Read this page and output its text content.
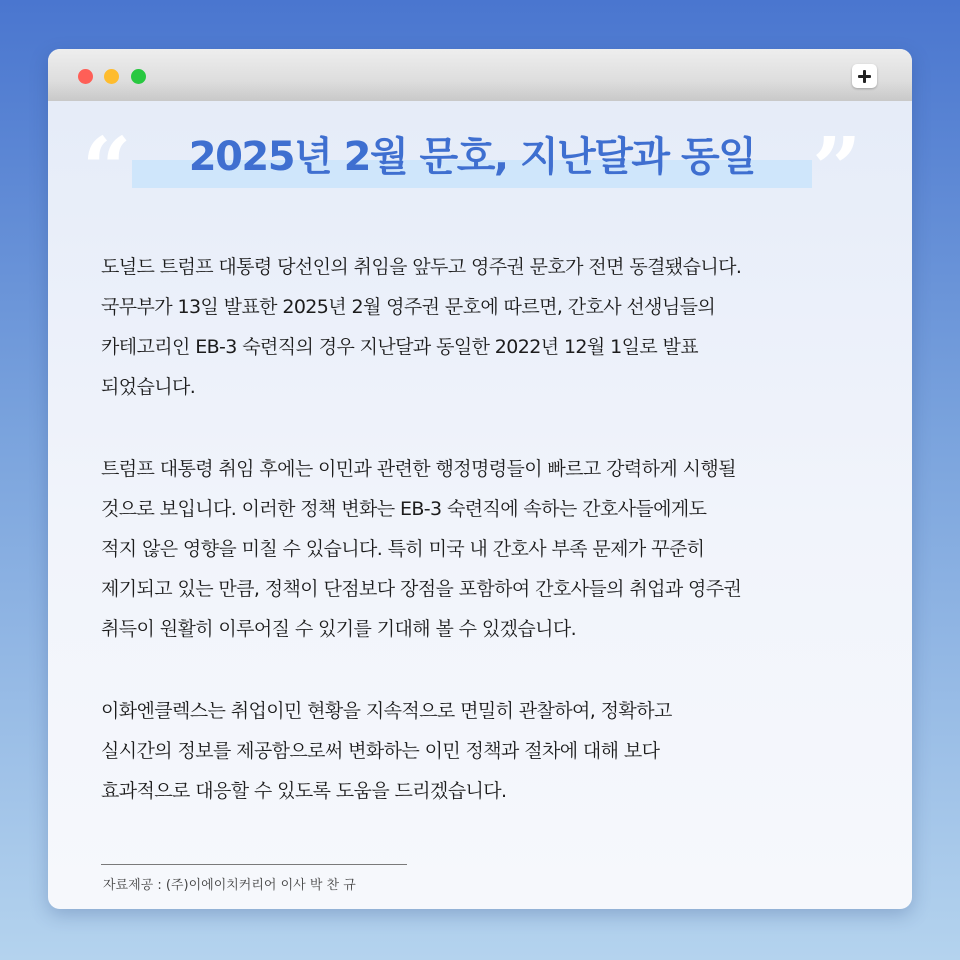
“	”
2025년 2월 문호, 지난달과 동일

도널드 트럼프 대통령 당선인의 취임을 앞두고 영주권 문호가 전면 동결됐습니다.
국무부가 13일 발표한 2025년 2월 영주권 문호에 따르면, 간호사 선생님들의
카테고리인 EB-3 숙련직의 경우 지난달과 동일한 2022년 12월 1일로 발표
되었습니다.

트럼프 대통령 취임 후에는 이민과 관련한 행정명령들이 빠르고 강력하게 시행될
것으로 보입니다. 이러한 정책 변화는 EB-3 숙련직에 속하는 간호사들에게도
적지 않은 영향을 미칠 수 있습니다. 특히 미국 내 간호사 부족 문제가 꾸준히
제기되고 있는 만큼, 정책이 단점보다 장점을 포함하여 간호사들의 취업과 영주권
취득이 원활히 이루어질 수 있기를 기대해 볼 수 있겠습니다.

이화엔클렉스는 취업이민 현황을 지속적으로 면밀히 관찰하여, 정확하고
실시간의 정보를 제공함으로써 변화하는 이민 정책과 절차에 대해 보다
효과적으로 대응할 수 있도록 도움을 드리겠습니다.

자료제공 : (주)이에이치커리어 이사 박 찬 규
